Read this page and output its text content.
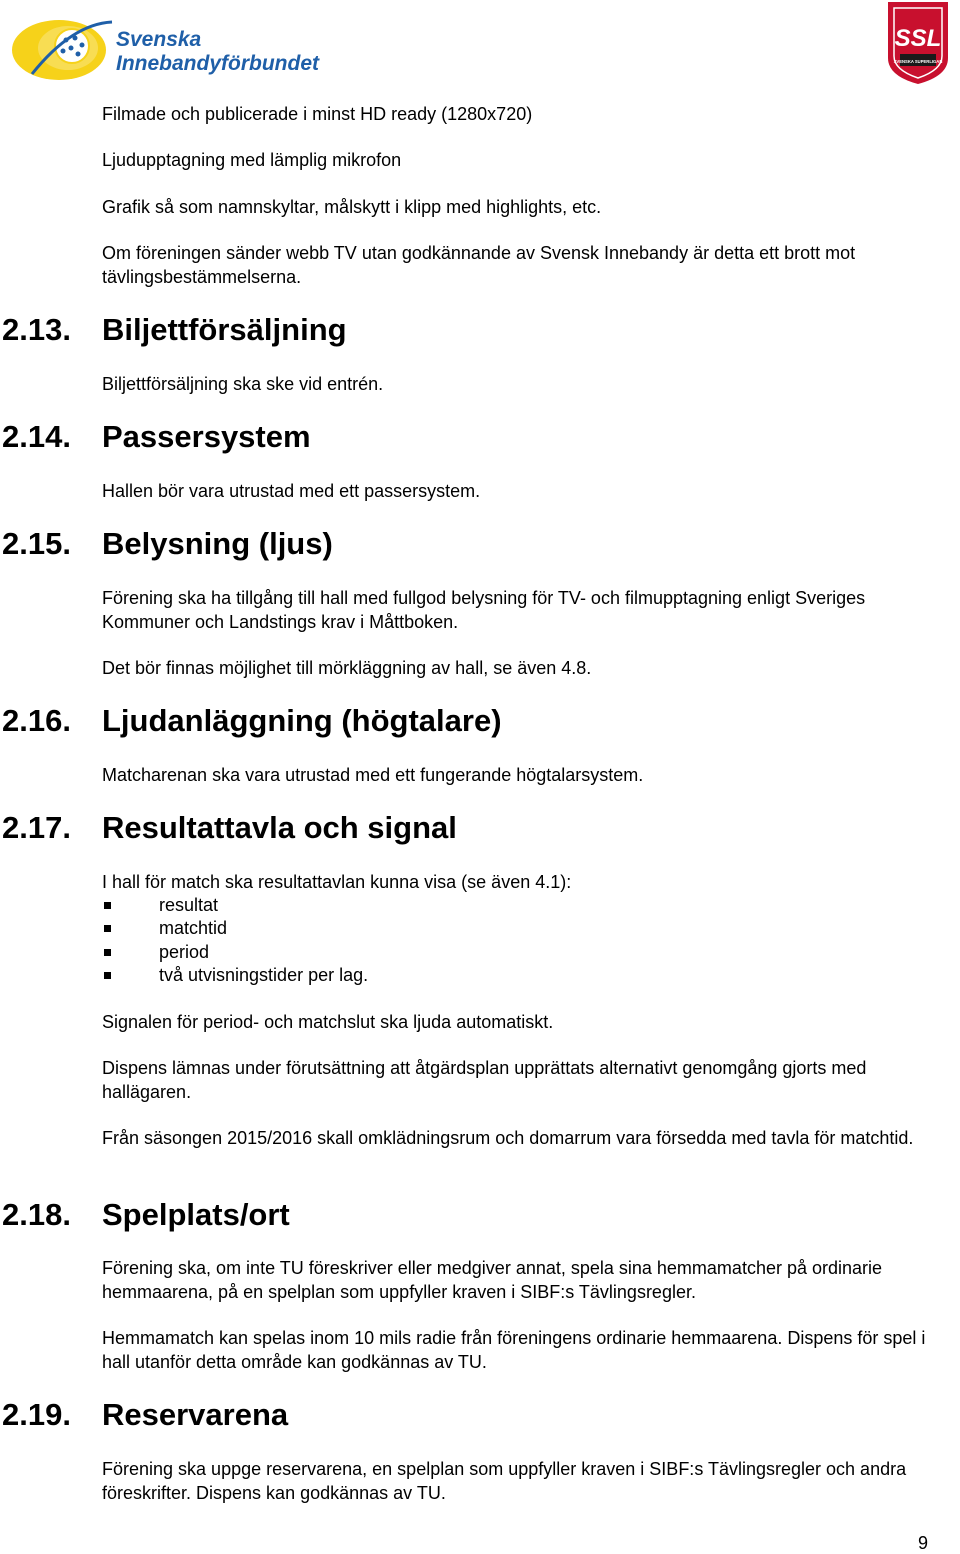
Svenska
Innebandyförbundet
SSL
SVENSKA SUPERLIGAN
Filmade och publicerade i minst HD ready (1280x720)
Ljudupptagning med lämplig mikrofon
Grafik så som namnskyltar, målskytt i klipp med highlights, etc.
Om föreningen sänder webb TV utan godkännande av Svensk Innebandy är detta ett brott mot tävlingsbestämmelserna.
2.13. Biljettförsäljning
Biljettförsäljning ska ske vid entrén.
2.14. Passersystem
Hallen bör vara utrustad med ett passersystem.
2.15. Belysning (ljus)
Förening ska ha tillgång till hall med fullgod belysning för TV- och filmupptagning enligt Sveriges Kommuner och Landstings krav i Måttboken.
Det bör finnas möjlighet till mörkläggning av hall, se även 4.8.
2.16. Ljudanläggning (högtalare)
Matcharenan ska vara utrustad med ett fungerande högtalarsystem.
2.17. Resultattavla och signal
I hall för match ska resultattavlan kunna visa (se även 4.1):
resultat
matchtid
period
två utvisningstider per lag.
Signalen för period- och matchslut ska ljuda automatiskt.
Dispens lämnas under förutsättning att åtgärdsplan upprättats alternativt genomgång gjorts med hallägaren.
Från säsongen 2015/2016 skall omklädningsrum och domarrum vara försedda med tavla för matchtid.
2.18. Spelplats/ort
Förening ska, om inte TU föreskriver eller medgiver annat, spela sina hemmamatcher på ordinarie hemmaarena, på en spelplan som uppfyller kraven i SIBF:s Tävlingsregler.
Hemmamatch kan spelas inom 10 mils radie från föreningens ordinarie hemmaarena. Dispens för spel i hall utanför detta område kan godkännas av TU.
2.19. Reservarena
Förening ska uppge reservarena, en spelplan som uppfyller kraven i SIBF:s Tävlingsregler och andra föreskrifter. Dispens kan godkännas av TU.
9
